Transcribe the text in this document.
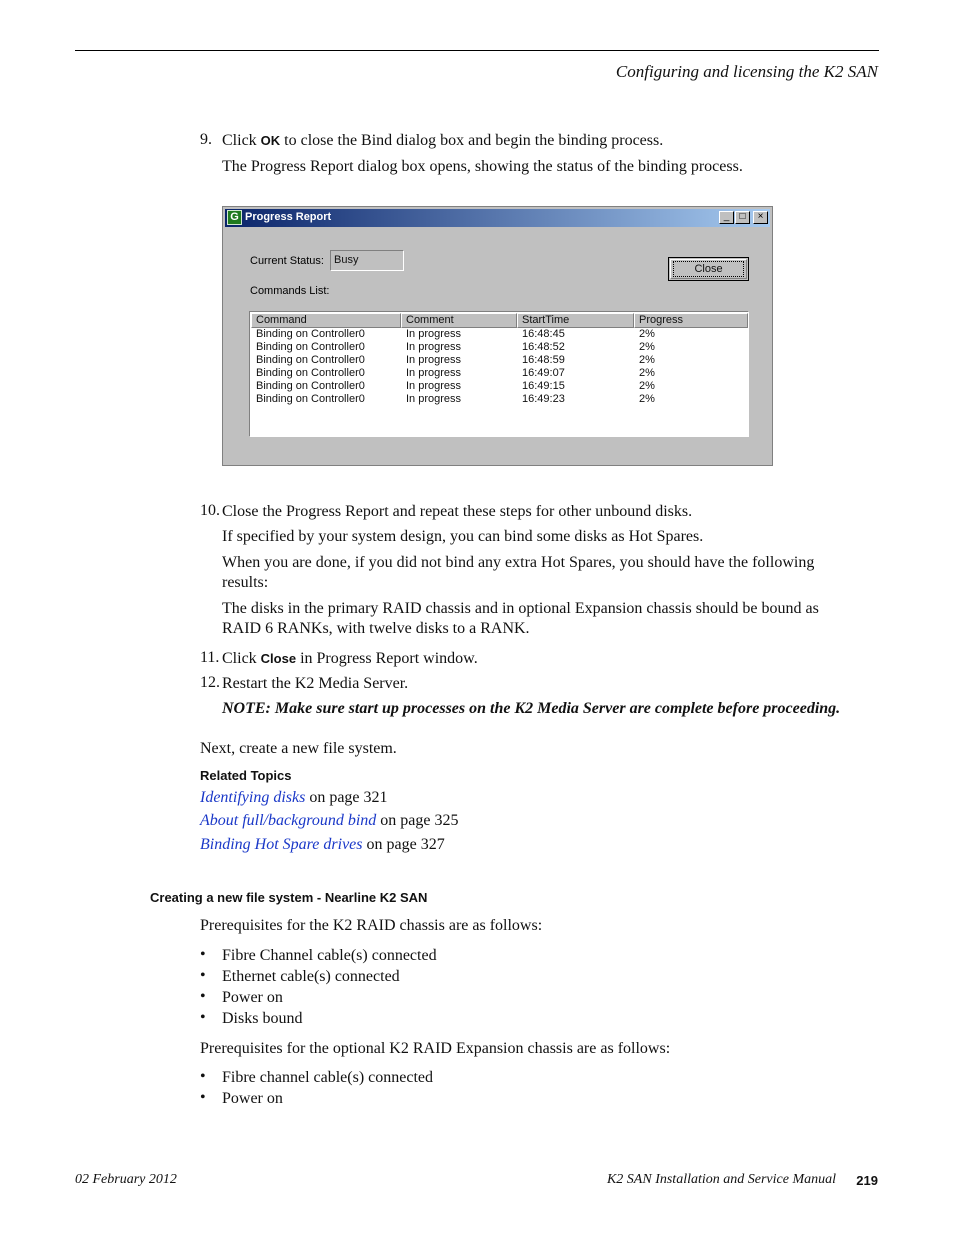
Configuring and licensing the K2 SAN
9. Click OK to close the Bind dialog box and begin the binding process.
The Progress Report dialog box opens, showing the status of the binding process.
G Progress Report	_	□	×
Current Status: Busy
Close
Commands List:
Command	Comment	StartTime	Progress
Binding on Controller0	In progress	16:48:45	2%
Binding on Controller0	In progress	16:48:52	2%
Binding on Controller0	In progress	16:48:59	2%
Binding on Controller0	In progress	16:49:07	2%
Binding on Controller0	In progress	16:49:15	2%
Binding on Controller0	In progress	16:49:23	2%
10. Close the Progress Report and repeat these steps for other unbound disks.
If specified by your system design, you can bind some disks as Hot Spares.
When you are done, if you did not bind any extra Hot Spares, you should have the following
results:
The disks in the primary RAID chassis and in optional Expansion chassis should be bound as
RAID 6 RANKs, with twelve disks to a RANK.
11. Click Close in Progress Report window.
12. Restart the K2 Media Server.
NOTE: Make sure start up processes on the K2 Media Server are complete before proceeding.
Next, create a new file system.
Related Topics
Identifying disks on page 321
About full/background bind on page 325
Binding Hot Spare drives on page 327
Creating a new file system - Nearline K2 SAN
Prerequisites for the K2 RAID chassis are as follows:
• Fibre Channel cable(s) connected
• Ethernet cable(s) connected
• Power on
• Disks bound
Prerequisites for the optional K2 RAID Expansion chassis are as follows:
• Fibre channel cable(s) connected
• Power on
02 February 2012	K2 SAN Installation and Service Manual 219
